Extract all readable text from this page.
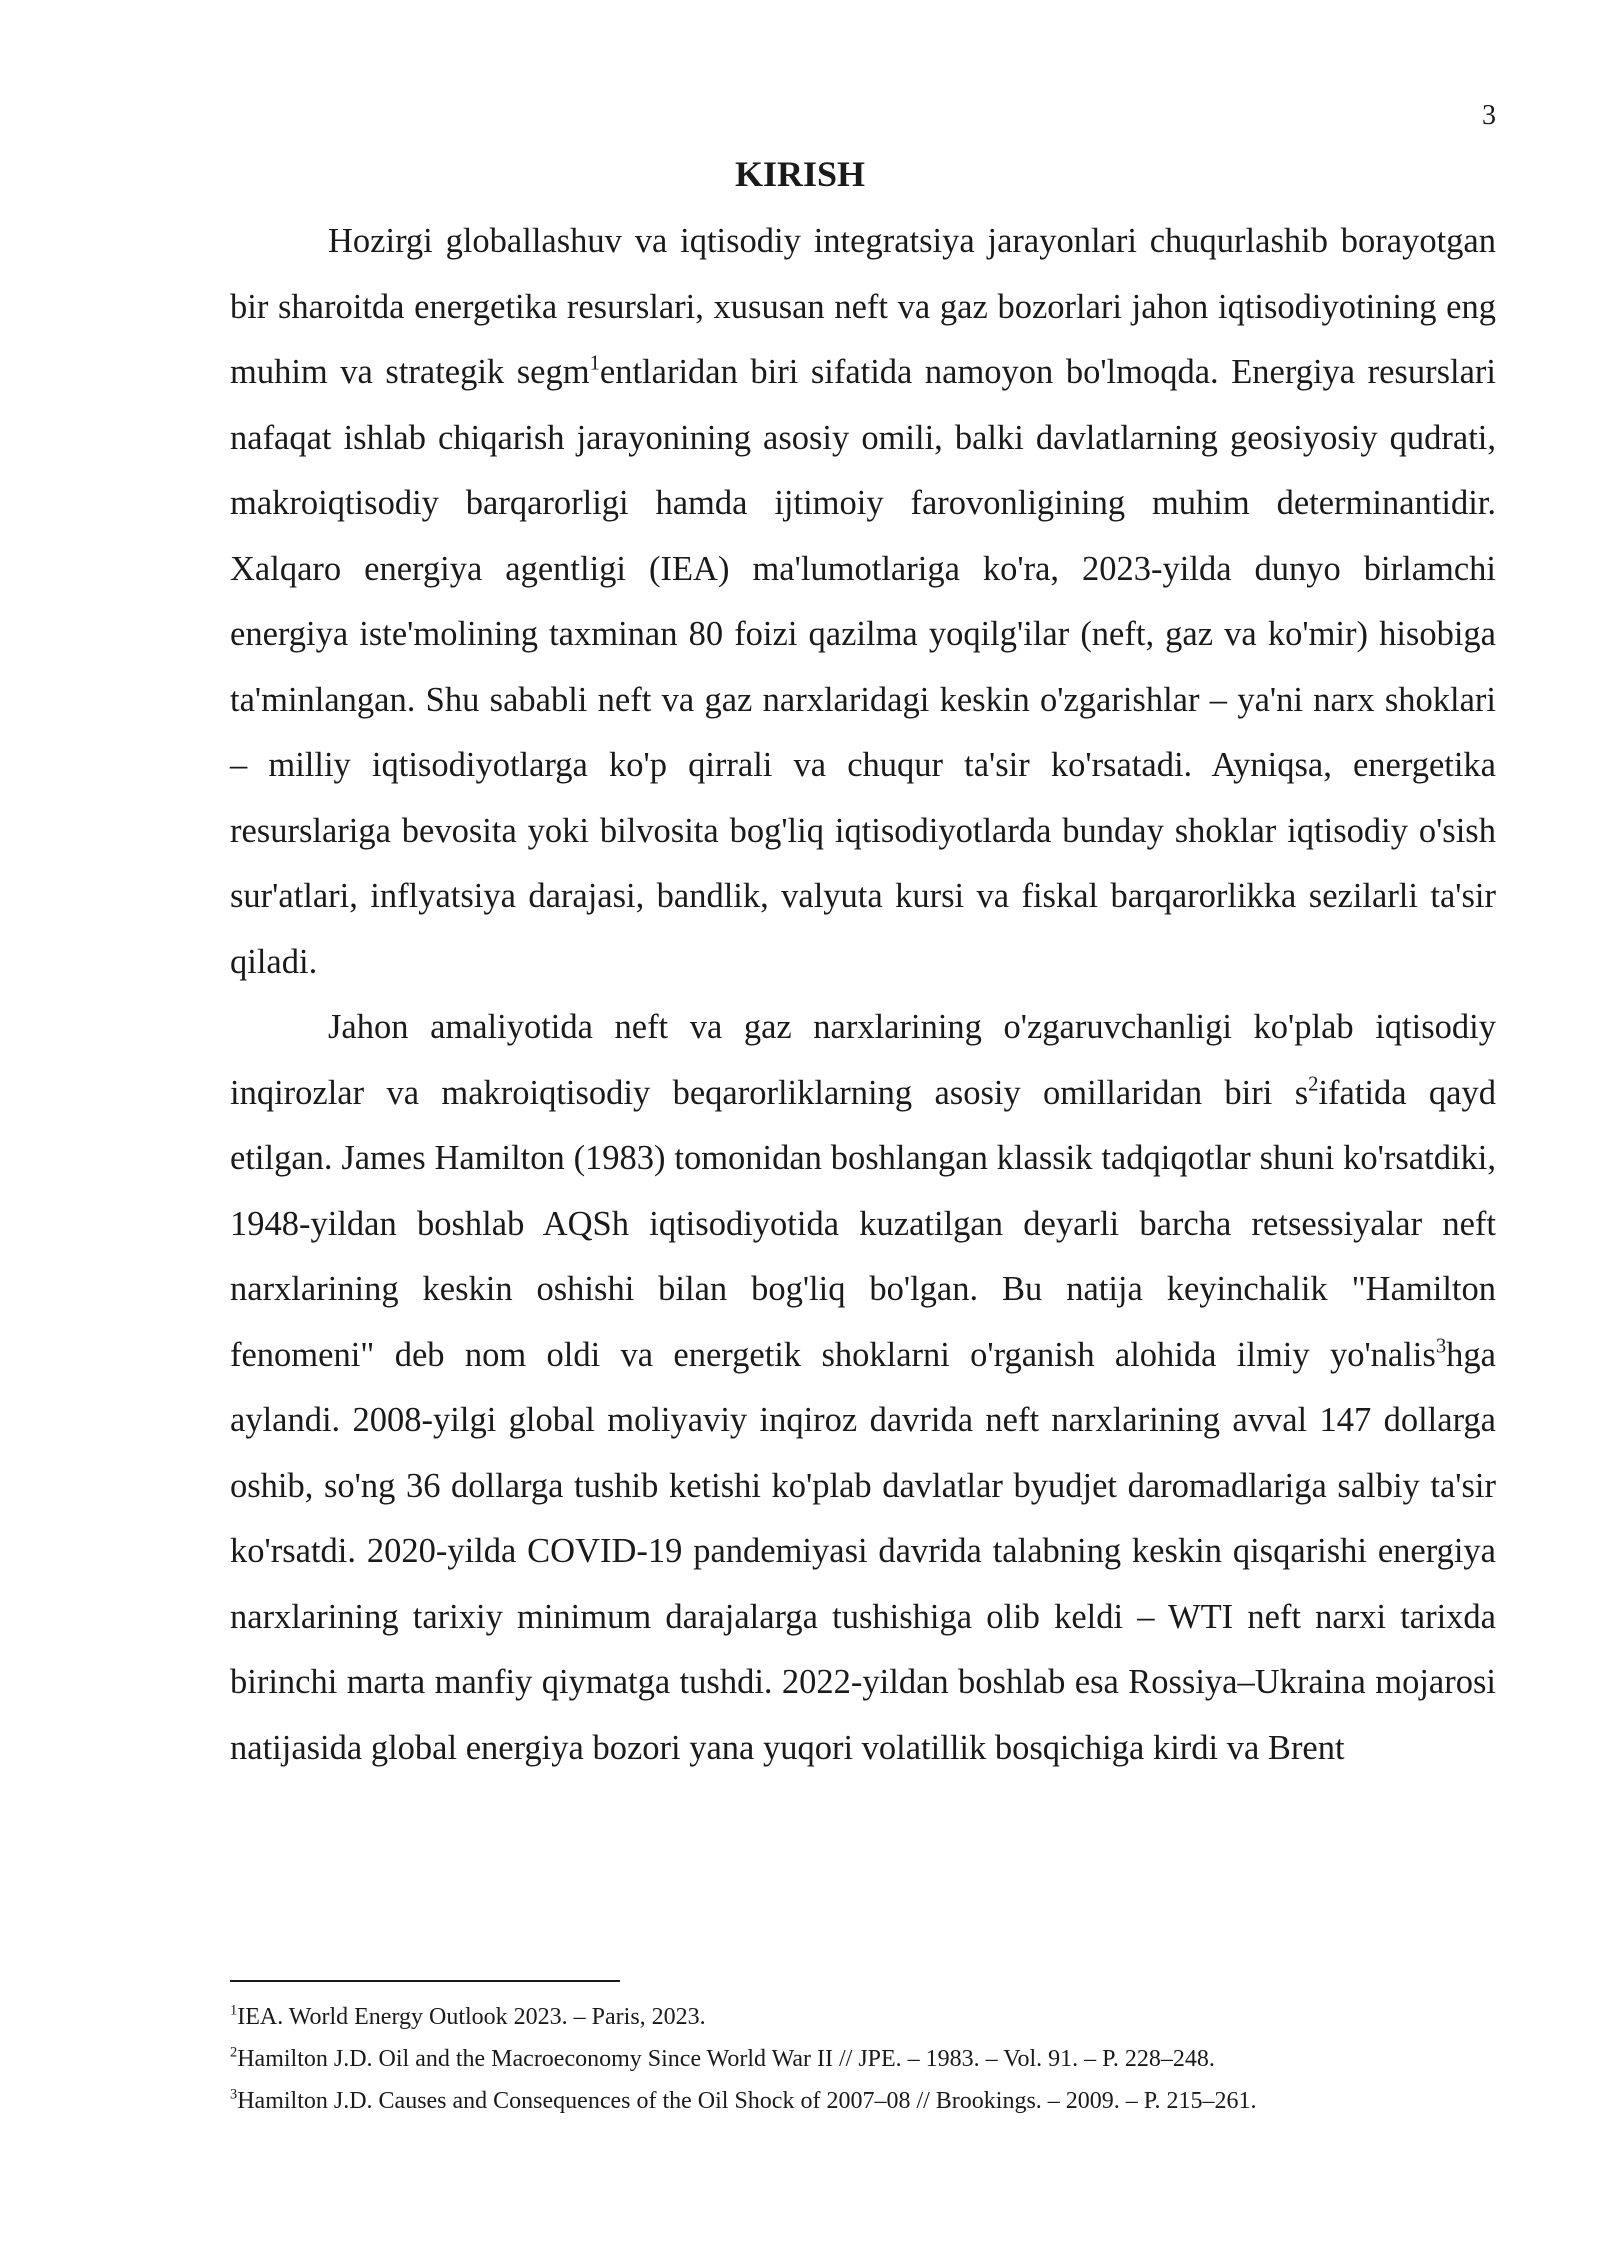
3
KIRISH

Hozirgi globallashuv va iqtisodiy integratsiya jarayonlari chuqurlashib borayotgan bir sharoitda energetika resurslari, xususan neft va gaz bozorlari jahon iqtisodiyotining eng muhim va strategik segm$^1$entlaridan biri sifatida namoyon bo'lmoqda. Energiya resurslari nafaqat ishlab chiqarish jarayonining asosiy omili, balki davlatlarning geosiyosiy qudrati, makroiqtisodiy barqarorligi hamda ijtimoiy farovonligining muhim determinantidir. Xalqaro energiya agentligi (IEA) ma'lumotlariga ko'ra, 2023-yilda dunyo birlamchi energiya iste'molining taxminan 80 foizi qazilma yoqilg'ilar (neft, gaz va ko'mir) hisobiga ta'minlangan. Shu sababli neft va gaz narxlaridagi keskin o'zgarishlar – ya'ni narx shoklari – milliy iqtisodiyotlarga ko'p qirrali va chuqur ta'sir ko'rsatadi. Ayniqsa, energetika resurslariga bevosita yoki bilvosita bog'liq iqtisodiyotlarda bunday shoklar iqtisodiy o'sish sur'atlari, inflyatsiya darajasi, bandlik, valyuta kursi va fiskal barqarorlikka sezilarli ta'sir qiladi.

Jahon amaliyotida neft va gaz narxlarining o'zgaruvchanligi ko'plab iqtisodiy inqirozlar va makroiqtisodiy beqarorliklarning asosiy omillaridan biri $s^2ifatida$ qayd etilgan. James Hamilton (1983) tomonidan boshlangan klassik tadqiqotlar shuni ko'rsatdiki, 1948-yildan boshlab AQSh iqtisodiyotida kuzatilgan deyarli barcha retsessiyalar neft narxlarining keskin oshishi bilan bog'liq bo'lgan. Bu natija keyinchalik "Hamilton fenomeni" deb nom oldi va energetik shoklarni o'rganish alohida ilmiy yo'nalis$^3$hga aylandi. 2008-yilgi global moliyaviy inqiroz davrida neft narxlarining avval 147 dollarga oshib, so'ng 36 dollarga tushib ketishi ko'plab davlatlar byudjet daromadlariga salbiy ta'sir ko'rsatdi. 2020-yilda COVID-19 pandemiyasi davrida talabning keskin qisqarishi energiya narxlarining tarixiy minimum darajalarga tushishiga olib keldi – WTI neft narxi tarixda birinchi marta manfiy qiymatga tushdi. 2022-yildan boshlab esa Rossiya–Ukraina mojarosi natijasida global energiya bozori yana yuqori volatillik bosqichiga kirdi va Brent

$^1$IEA. World Energy Outlook 2023. – Paris, 2023.

$^2$Hamilton J.D. Oil and the Macroeconomy Since World War II // JPE. – 1983. – Vol. 91. – P. 228–248.

$^3$Hamilton J.D. Causes and Consequences of the Oil Shock of 2007–08 // Brookings. – 2009. – P. 215–261.
